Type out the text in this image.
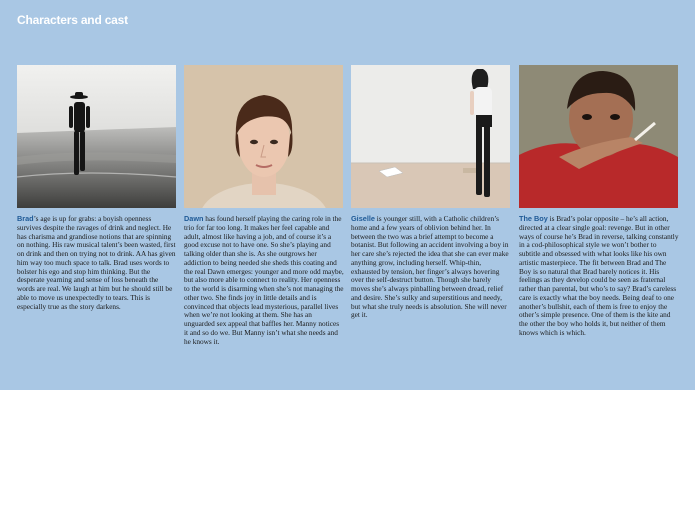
Characters and cast

Brad’s age is up for grabs: a boyish openness survives despite the ravages of drink and neglect. He has charisma and grandiose notions that are spinning on nothing. His raw musical talent’s been wasted, first on drink and then on trying not to drink. AA has given him way too much space to talk. Brad uses words to bolster his ego and stop him thinking. But the desperate yearning and sense of loss beneath the words are real. We laugh at him but he should still be able to move us unexpectedly to tears. This is especially true as the story darkens.

Dawn has found herself playing the caring role in the trio for far too long. It makes her feel capable and adult, almost like having a job, and of course it’s a good excuse not to have one. So she’s playing and talking older than she is. As she outgrows her addiction to being needed she sheds this coating and the real Dawn emerges: younger and more odd maybe, but also more able to connect to reality. Her openness to the world is disarming when she’s not managing the other two. She finds joy in little details and is convinced that objects lead mysterious, parallel lives when we’re not looking at them. She has an unguarded sex appeal that baffles her. Manny notices it and so do we. But Manny isn’t what she needs and he knows it.

Giselle is younger still, with a Catholic children’s home and a few years of oblivion behind her. In between the two was a brief attempt to become a botanist. But following an accident involving a boy in her care she’s rejected the idea that she can ever make anything grow, including herself. Whip-thin, exhausted by tension, her finger’s always hovering over the self-destruct button. Though she barely moves she’s always pinballing between dread, relief and desire. She’s sulky and superstitious and needy, but what she truly needs is absolution. She will never get it.

The Boy is Brad’s polar opposite – he’s all action, directed at a clear single goal: revenge. But in other ways of course he’s Brad in reverse, talking constantly in a cod-philosophical style we won’t bother to subtitle and obsessed with what looks like his own artistic masterpiece. The fit between Brad and The Boy is so natural that Brad barely notices it. His feelings as they develop could be seen as fraternal rather than parental, but who’s to say? Brad’s careless care is exactly what the boy needs. Being deaf to one another’s bullshit, each of them is free to enjoy the other’s simple presence. One of them is the kite and the other the boy who holds it, but neither of them knows which is which.
